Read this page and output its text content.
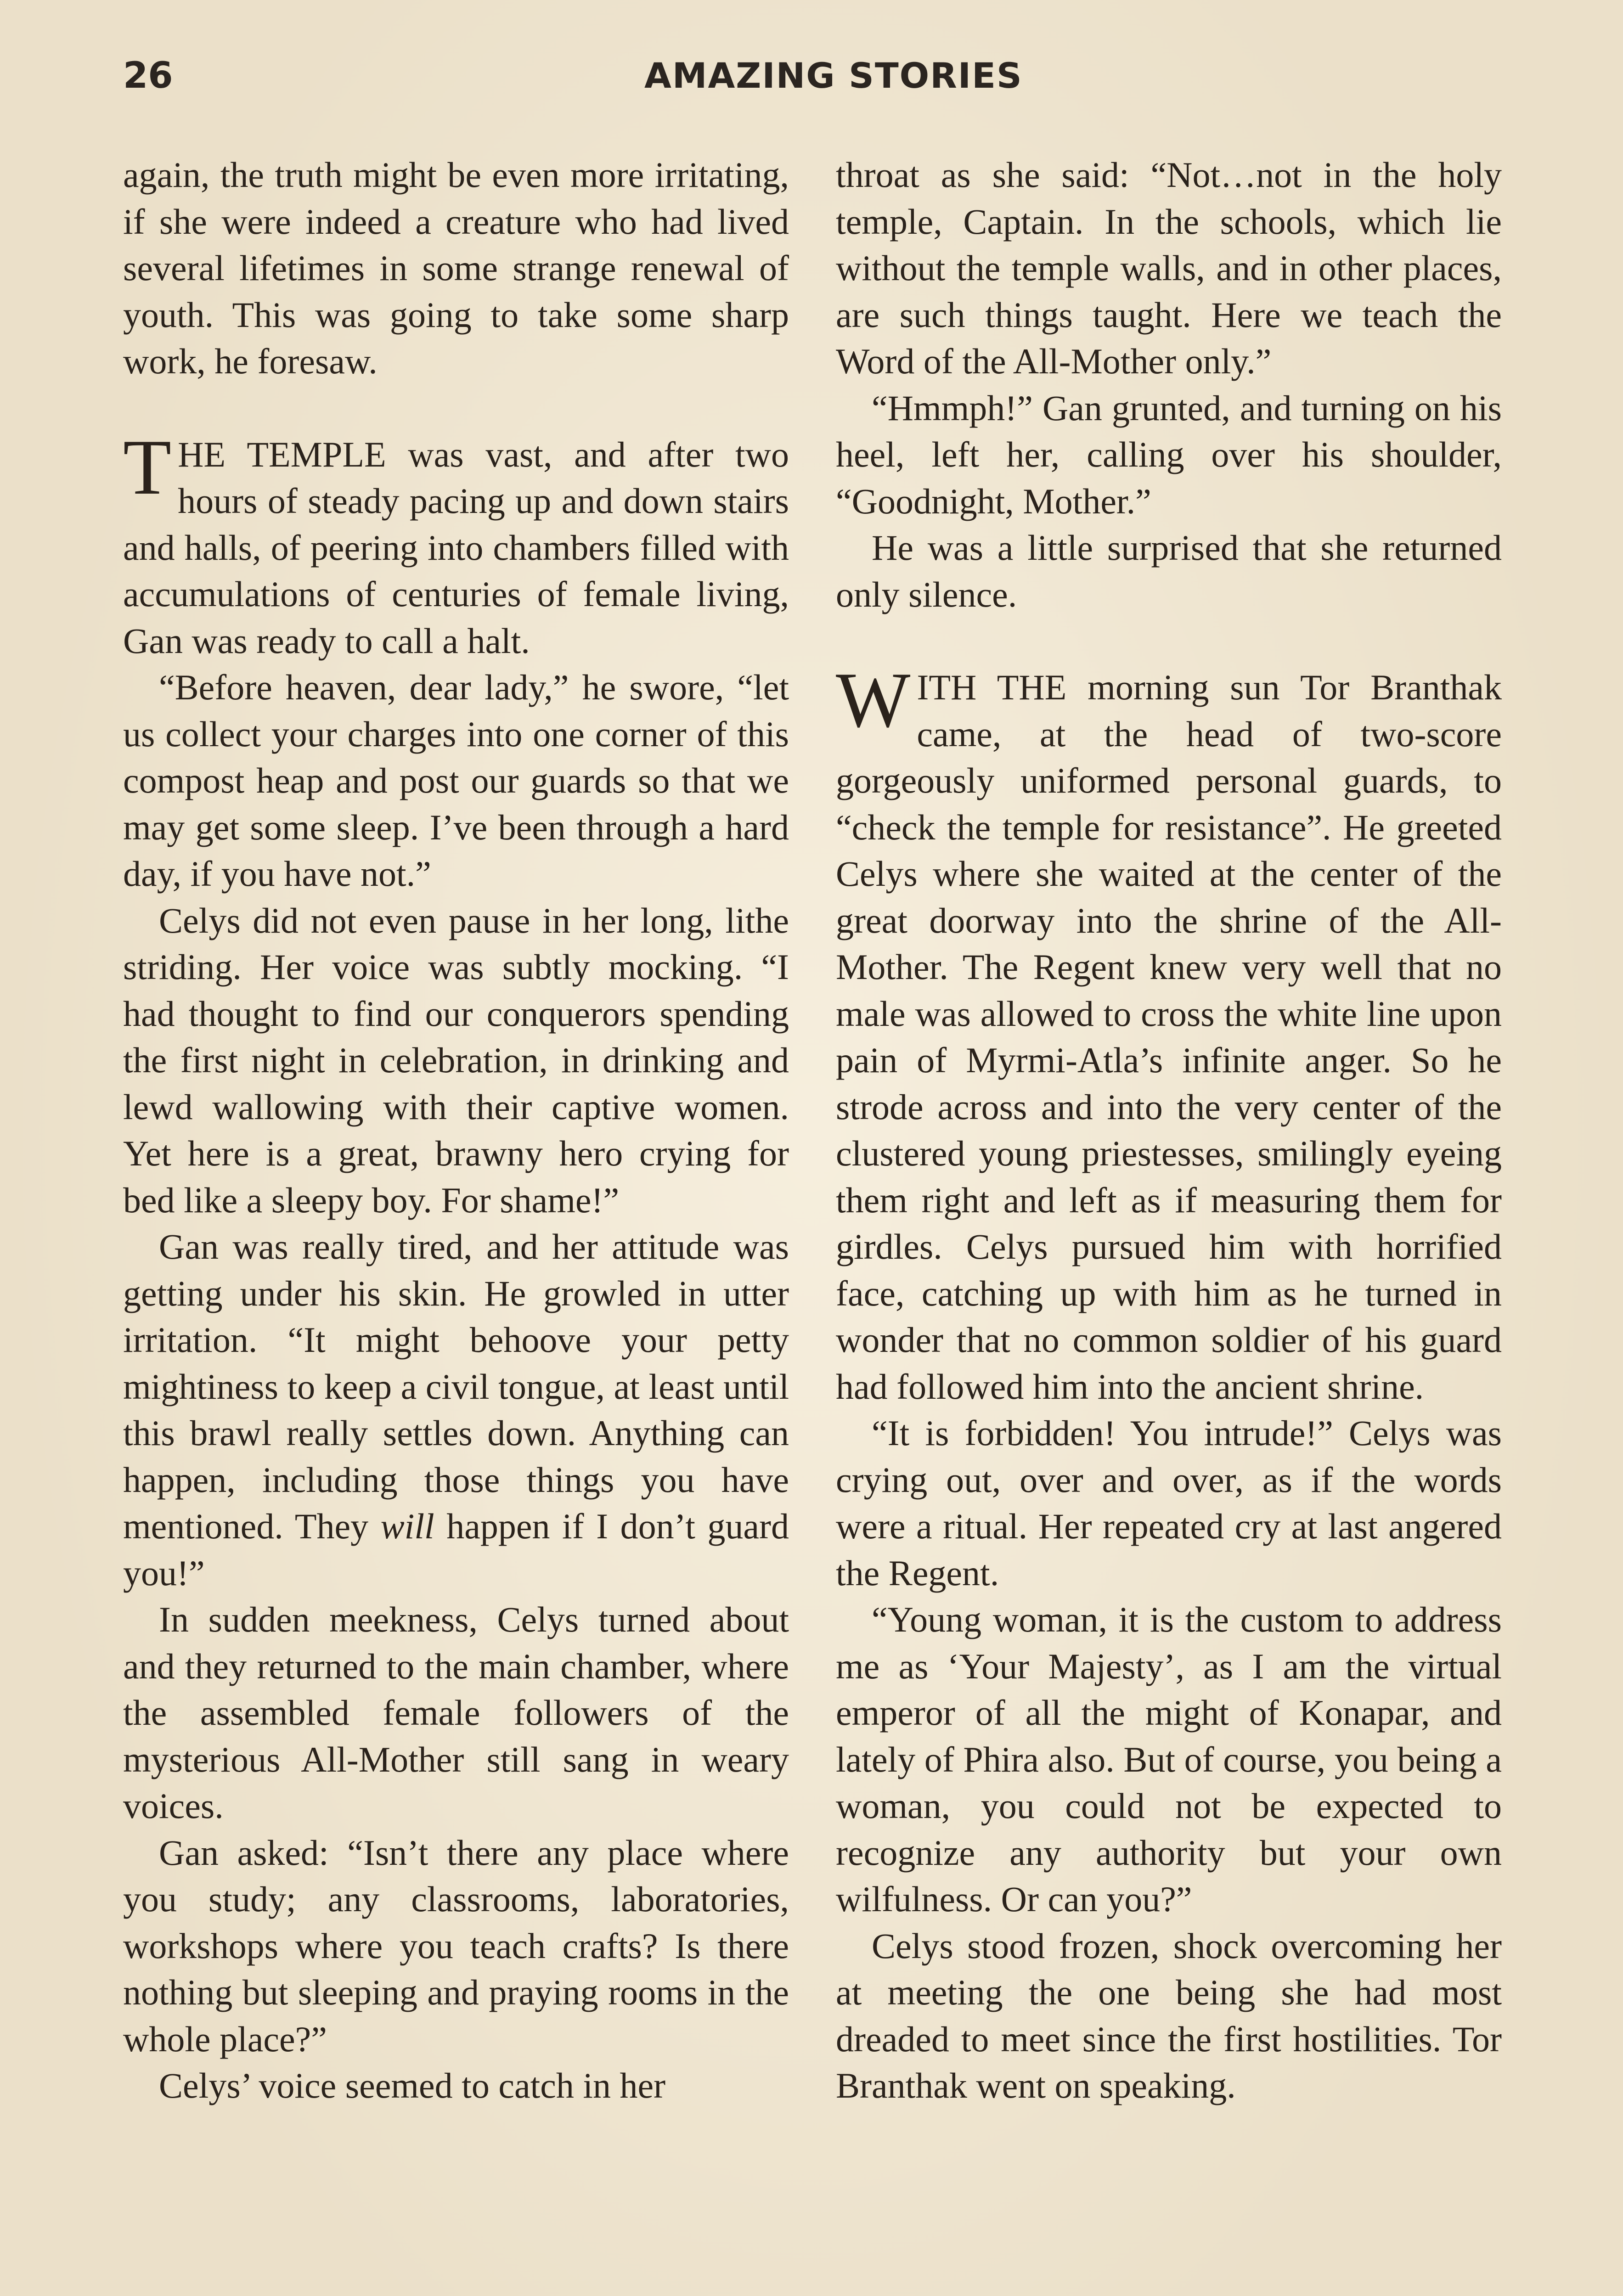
26	AMAZING STORIES

again, the truth might be even more irritating, if she were indeed a creature who had lived several lifetimes in some strange renewal of youth. This was going to take some sharp work, he foresaw.

THE TEMPLE was vast, and after two hours of steady pacing up and down stairs and halls, of peering into chambers filled with accumulations of centuries of female living, Gan was ready to call a halt.

“Before heaven, dear lady,” he swore, “let us collect your charges into one corner of this compost heap and post our guards so that we may get some sleep. I’ve been through a hard day, if you have not.”

Celys did not even pause in her long, lithe striding. Her voice was subtly mocking. “I had thought to find our conquerors spending the first night in celebration, in drinking and lewd wallowing with their captive women. Yet here is a great, brawny hero crying for bed like a sleepy boy. For shame!”

Gan was really tired, and her attitude was getting under his skin. He growled in utter irritation. “It might behoove your petty mightiness to keep a civil tongue, at least until this brawl really settles down. Anything can happen, including those things you have mentioned. They will happen if I don’t guard you!”

In sudden meekness, Celys turned about and they returned to the main chamber, where the assembled female followers of the mysterious All-Mother still sang in weary voices.

Gan asked: “Isn’t there any place where you study; any classrooms, laboratories, workshops where you teach crafts? Is there nothing but sleeping and praying rooms in the whole place?”

Celys’ voice seemed to catch in her

throat as she said: “Not…not in the holy temple, Captain. In the schools, which lie without the temple walls, and in other places, are such things taught. Here we teach the Word of the All-Mother only.”

“Hmmph!” Gan grunted, and turning on his heel, left her, calling over his shoulder, “Goodnight, Mother.”

He was a little surprised that she returned only silence.

WITH THE morning sun Tor Branthak came, at the head of two-score gorgeously uniformed personal guards, to “check the temple for resistance”. He greeted Celys where she waited at the center of the great doorway into the shrine of the All-Mother. The Regent knew very well that no male was allowed to cross the white line upon pain of Myrmi-Atla’s infinite anger. So he strode across and into the very center of the clustered young priestesses, smilingly eyeing them right and left as if measuring them for girdles. Celys pursued him with horrified face, catching up with him as he turned in wonder that no common soldier of his guard had followed him into the ancient shrine.

“It is forbidden! You intrude!” Celys was crying out, over and over, as if the words were a ritual. Her repeated cry at last angered the Regent.

“Young woman, it is the custom to address me as ‘Your Majesty’, as I am the virtual emperor of all the might of Konapar, and lately of Phira also. But of course, you being a woman, you could not be expected to recognize any authority but your own wilfulness. Or can you?”

Celys stood frozen, shock overcoming her at meeting the one being she had most dreaded to meet since the first hostilities. Tor Branthak went on speaking.
